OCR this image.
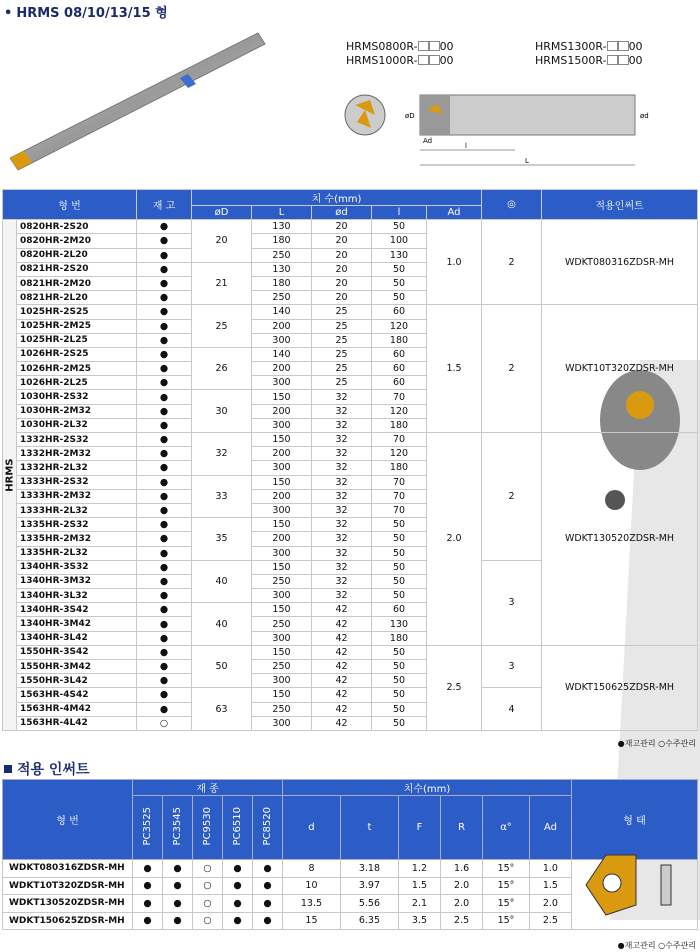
• HRMS 08/10/13/15 형
HRMS0800R- 00
HRMS1000R- 00
HRMS1300R- 00
HRMS1500R- 00
øD	ød
Ad
l
L
형 번		재 고	치 수(mm)					◎	적용인써트
			øD	L	ød	l	Ad		
HRMS	0820HR-2S20	●	20	130	20	50	1.0	2	WDKT080316ZDSR-MH
	0820HR-2M20	●		180	20	100			
	0820HR-2L20	●		250	20	130			
	0821HR-2S20	●	21	130	20	50			
	0821HR-2M20	●		180	20	50			
	0821HR-2L20	●		250	20	50			
	1025HR-2S25	●	25	140	25	60	1.5	2	WDKT10T320ZDSR-MH
	1025HR-2M25	●		200	25	120			
	1025HR-2L25	●		300	25	180			
	1026HR-2S25	●	26	140	25	60			
	1026HR-2M25	●		200	25	60			
	1026HR-2L25	●		300	25	60			
	1030HR-2S32	●	30	150	32	70			
	1030HR-2M32	●		200	32	120			
	1030HR-2L32	●		300	32	180			
	1332HR-2S32	●	32	150	32	70	2.0	2	WDKT130520ZDSR-MH
	1332HR-2M32	●		200	32	120			
	1332HR-2L32	●		300	32	180			
	1333HR-2S32	●	33	150	32	70			
	1333HR-2M32	●		200	32	70			
	1333HR-2L32	●		300	32	70			
	1335HR-2S32	●	35	150	32	50			
	1335HR-2M32	●		200	32	50			
	1335HR-2L32	●		300	32	50			
	1340HR-3S32	●	40	150	32	50		3	
	1340HR-3M32	●		250	32	50			
	1340HR-3L32	●		300	32	50			
	1340HR-3S42	●	40	150	42	60			
	1340HR-3M42	●		250	42	130			
	1340HR-3L42	●		300	42	180			
	1550HR-3S42	●	50	150	42	50	2.5	3	WDKT150625ZDSR-MH
	1550HR-3M42	●		250	42	50			
	1550HR-3L42	●		300	42	50			
	1563HR-4S42	●	63	150	42	50		4	
	1563HR-4M42	●		250	42	50			
	1563HR-4L42	○		300	42	50			
●재고관리 ○수주관리
적용 인써트
형 번	재 종					치수(mm)						형 태
	PC3525	PC3545	PC9530	PC6510	PC8520	d	t	F	R	α°	Ad	
WDKT080316ZDSR-MH	●	●	○	●	●	8	3.18	1.2	1.6	15°	1.0	
WDKT10T320ZDSR-MH	●	●	○	●	●	10	3.97	1.5	2.0	15°	1.5	
WDKT130520ZDSR-MH	●	●	○	●	●	13.5	5.56	2.1	2.0	15°	2.0	
WDKT150625ZDSR-MH	●	●	○	●	●	15	6.35	3.5	2.5	15°	2.5	
●재고관리 ○수주관리
